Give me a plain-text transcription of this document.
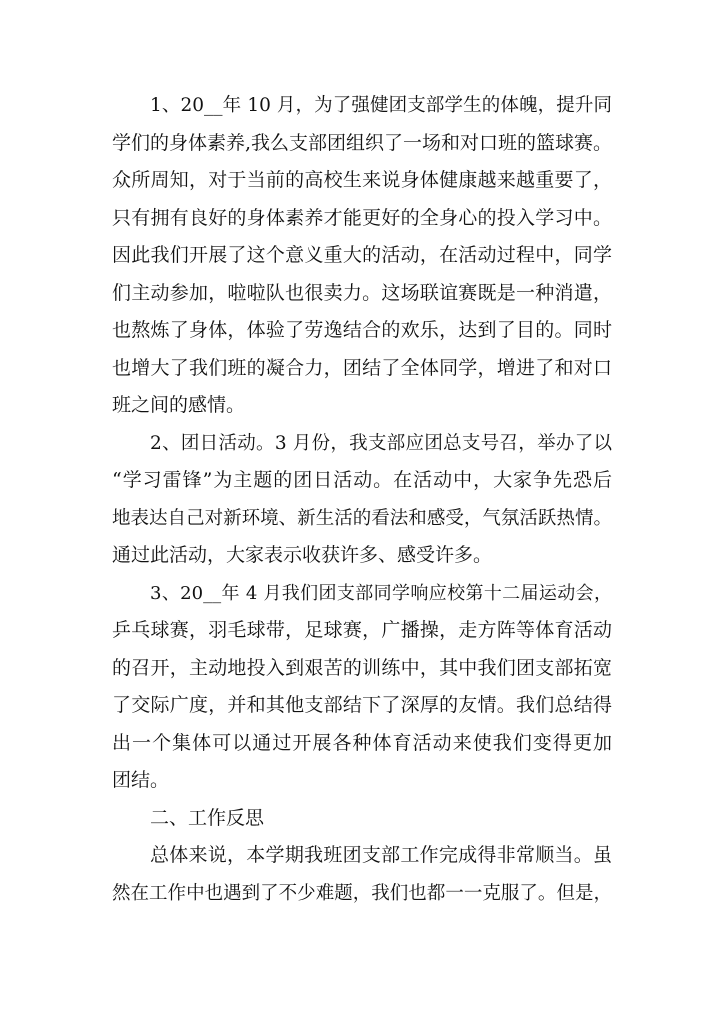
1、20__年 10 月，为了强健团支部学生的体魄，提升同
学们的身体素养,我么支部团组织了一场和对口班的篮球赛。
众所周知，对于当前的高校生来说身体健康越来越重要了，
只有拥有良好的身体素养才能更好的全身心的投入学习中。
因此我们开展了这个意义重大的活动，在活动过程中，同学
们主动参加，啦啦队也很卖力。这场联谊赛既是一种消遣，
也熬炼了身体，体验了劳逸结合的欢乐，达到了目的。同时
也增大了我们班的凝合力，团结了全体同学，增进了和对口
班之间的感情。
2、团日活动。3 月份，我支部应团总支号召，举办了以
“学习雷锋”为主题的团日活动。在活动中，大家争先恐后
地表达自己对新环境、新生活的看法和感受，气氛活跃热情。
通过此活动，大家表示收获许多、感受许多。
3、20__年 4 月我们团支部同学响应校第十二届运动会，
乒乓球赛，羽毛球带，足球赛，广播操，走方阵等体育活动
的召开，主动地投入到艰苦的训练中，其中我们团支部拓宽
了交际广度，并和其他支部结下了深厚的友情。我们总结得
出一个集体可以通过开展各种体育活动来使我们变得更加
团结。
二、工作反思
总体来说，本学期我班团支部工作完成得非常顺当。虽
然在工作中也遇到了不少难题，我们也都一一克服了。但是，
